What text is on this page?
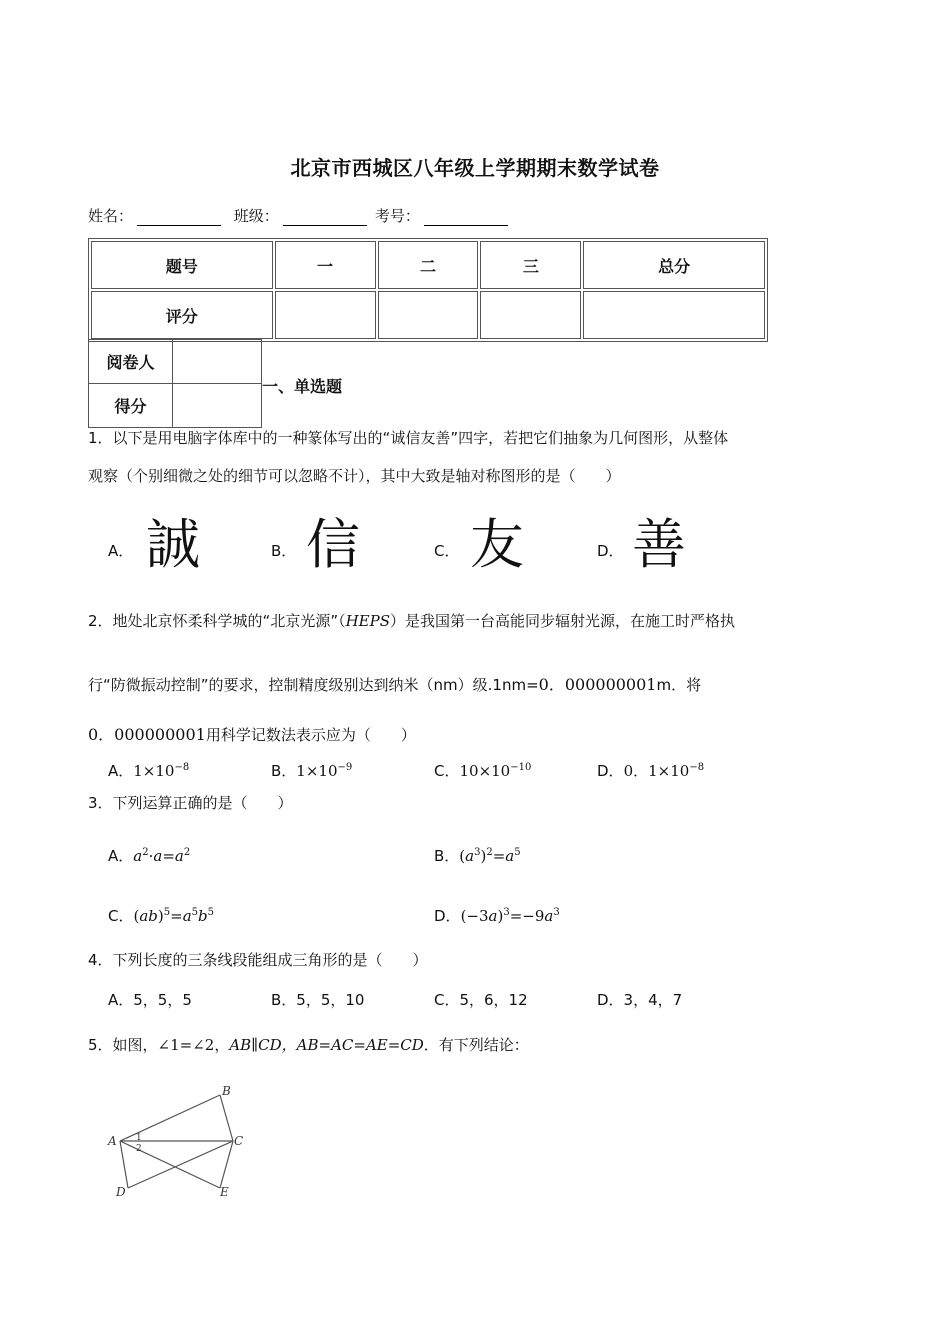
北京市西城区八年级上学期期末数学试卷
姓名：	班级：	考号：
题号	一	二	三	总分
评分				
阅卷人	
得分	
一、单选题
1．以下是用电脑字体库中的一种篆体写出的“诚信友善”四字，若把它们抽象为几何图形，从整体
观察（个别细微之处的细节可以忽略不计），其中大致是轴对称图形的是（　　）
A． 誠	B． 信	C． 友	D． 善
2．地处北京怀柔科学城的“北京光源”（HEPS）是我国第一台高能同步辐射光源，在施工时严格执
行“防微振动控制”的要求，控制精度级别达到纳米（nm）级.1nm=0．000000001m．将
0．000000001用科学记数法表示应为（　　）
A．$1\times 10^{-8}$	B．$1\times 10^{-9}$	C．$10\times 10^{-10}$	D．0．$1\times 10^{-8}$
3．下列运算正确的是（　　）
A．$a^2\cdot a=a^2$	B．$(a^3)^2=a^5$
C．$(ab)^5=a^5b^5$	D．$(-3a)^3=-9a^3$
4．下列长度的三条线段能组成三角形的是（　　）
A．5，5，5	B．5，5，10	C．5，6，12	D．3，4，7
5．如图，∠1=∠2，AB∥CD，AB=AC=AE=CD．有下列结论：
A
B
C
D	E
1
2
